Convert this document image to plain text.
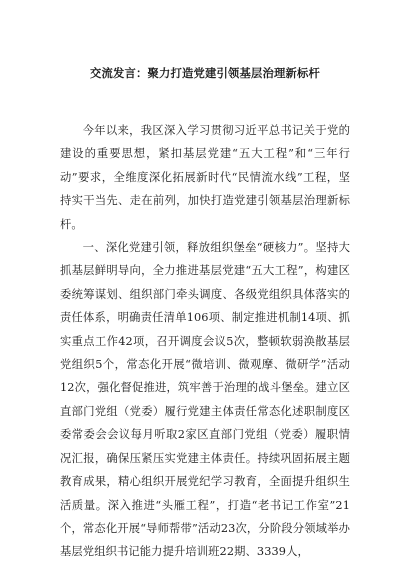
交流发言：聚力打造党建引领基层治理新标杆

今年以来，我区深入学习贯彻习近平总书记关于党的建设的重要思想，紧扣基层党建“五大工程”和“三年行动”要求，全维度深化拓展新时代“民情流水线”工程，坚持实干当先、走在前列，加快打造党建引领基层治理新标杆。

一、深化党建引领，释放组织堡垒“硬核力”。坚持大抓基层鲜明导向，全力推进基层党建“五大工程”，构建区委统筹谋划、组织部门牵头调度、各级党组织具体落实的责任体系，明确责任清单106项、制定推进机制14项、抓实重点工作42项，召开调度会议5次，整顿软弱涣散基层党组织5个，常态化开展“微培训、微观摩、微研学”活动12次，强化督促推进，筑牢善于治理的战斗堡垒。建立区直部门党组（党委）履行党建主体责任常态化述职制度区委常委会会议每月听取2家区直部门党组（党委）履职情况汇报，确保压紧压实党建主体责任。持续巩固拓展主题教育成果，精心组织开展党纪学习教育，全面提升组织生活质量。深入推进“头雁工程”，打造“老书记工作室”21个，常态化开展“导师帮带”活动23次，分阶段分领域举办基层党组织书记能力提升培训班22期、3339人，
